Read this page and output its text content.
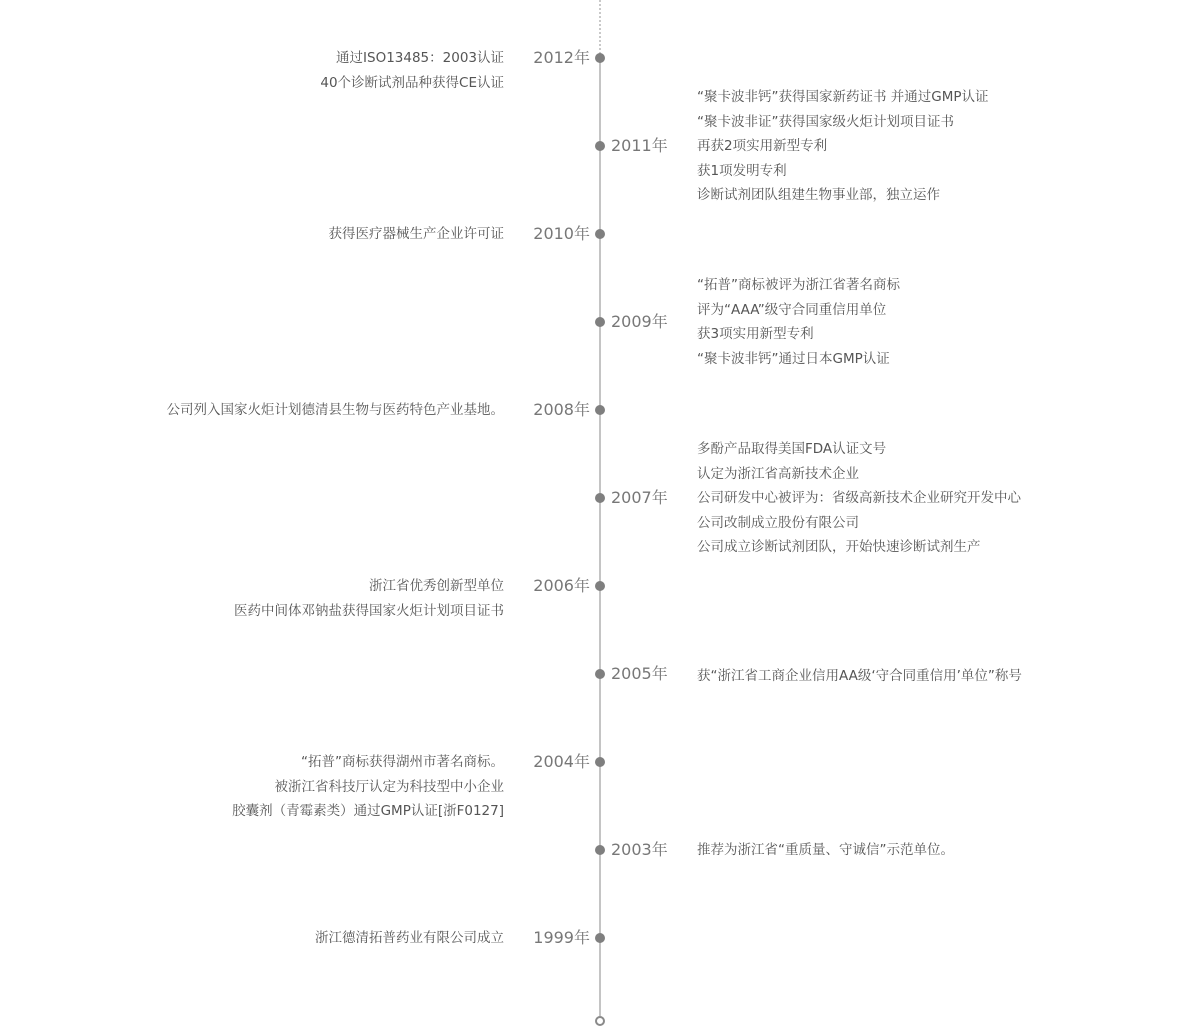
2012年
通过ISO13485：2003认证
40个诊断试剂品种获得CE认证
2011年
“聚卡波非钙”获得国家新药证书 并通过GMP认证
“聚卡波非证”获得国家级火炬计划项目证书
再获2项实用新型专利
获1项发明专利
诊断试剂团队组建生物事业部，独立运作
2010年
获得医疗器械生产企业许可证
2009年
“拓普”商标被评为浙江省著名商标
评为“AAA”级守合同重信用单位
获3项实用新型专利
“聚卡波非钙”通过日本GMP认证
2008年
公司列入国家火炬计划德清县生物与医药特色产业基地。
2007年
多酚产品取得美国FDA认证文号
认定为浙江省高新技术企业
公司研发中心被评为：省级高新技术企业研究开发中心
公司改制成立股份有限公司
公司成立诊断试剂团队，开始快速诊断试剂生产
2006年
浙江省优秀创新型单位
医药中间体邓钠盐获得国家火炬计划项目证书
2005年 获“浙江省工商企业信用AA级‘守合同重信用’单位”称号
2004年
“拓普”商标获得湖州市著名商标。
被浙江省科技厅认定为科技型中小企业
胶囊剂（青霉素类）通过GMP认证[浙F0127]
2003年 推荐为浙江省“重质量、守诚信”示范单位。
1999年
浙江德清拓普药业有限公司成立
